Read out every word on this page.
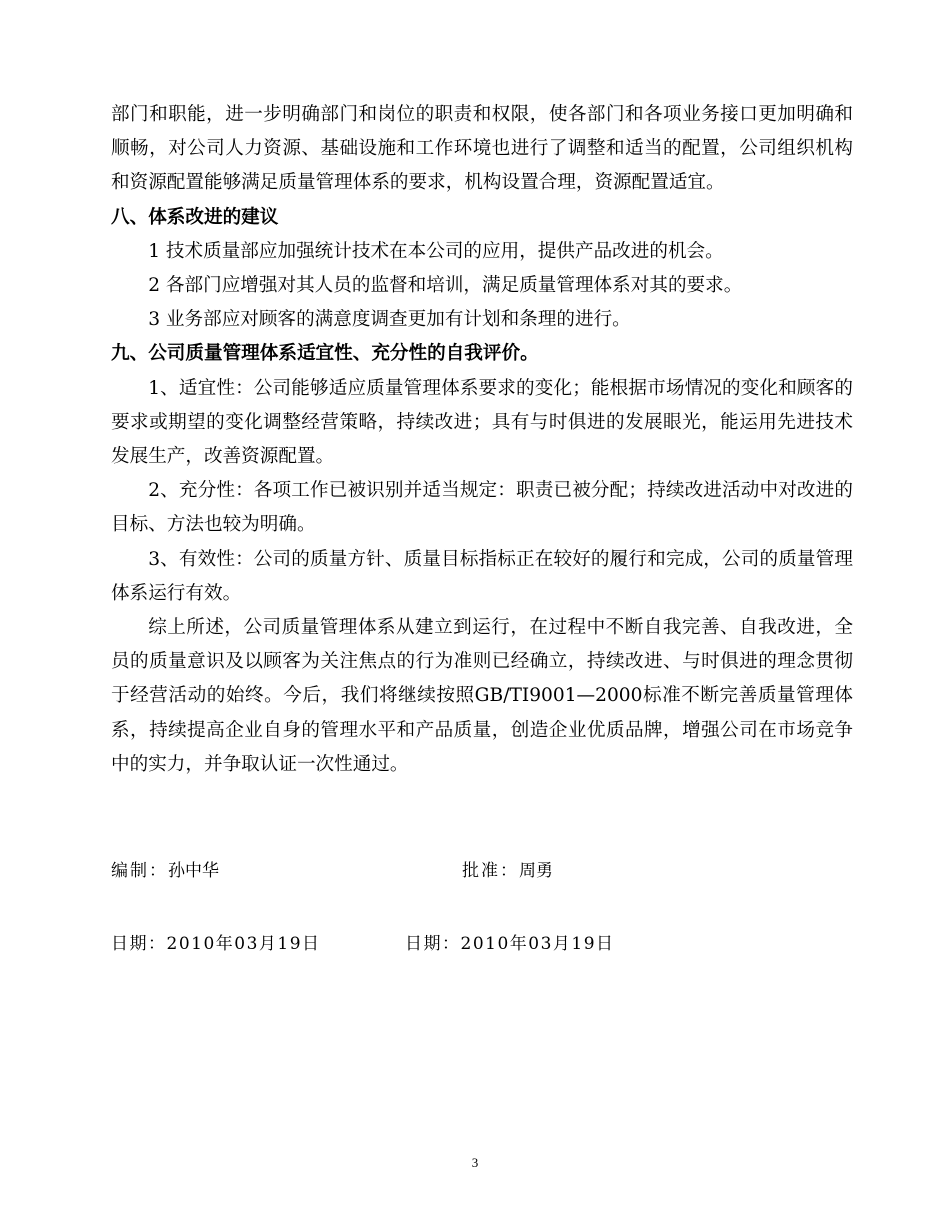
部门和职能，进一步明确部门和岗位的职责和权限，使各部门和各项业务接口更加明确和顺畅，对公司人力资源、基础设施和工作环境也进行了调整和适当的配置，公司组织机构和资源配置能够满足质量管理体系的要求，机构设置合理，资源配置适宜。

八、体系改进的建议

1 技术质量部应加强统计技术在本公司的应用，提供产品改进的机会。

2 各部门应增强对其人员的监督和培训，满足质量管理体系对其的要求。

3 业务部应对顾客的满意度调查更加有计划和条理的进行。

九、公司质量管理体系适宜性、充分性的自我评价。

1、适宜性：公司能够适应质量管理体系要求的变化；能根据市场情况的变化和顾客的要求或期望的变化调整经营策略，持续改进；具有与时俱进的发展眼光，能运用先进技术发展生产，改善资源配置。

2、充分性：各项工作已被识别并适当规定：职责已被分配；持续改进活动中对改进的目标、方法也较为明确。

3、有效性：公司的质量方针、质量目标指标正在较好的履行和完成，公司的质量管理体系运行有效。

综上所述，公司质量管理体系从建立到运行，在过程中不断自我完善、自我改进，全员的质量意识及以顾客为关注焦点的行为准则已经确立，持续改进、与时俱进的理念贯彻于经营活动的始终。今后，我们将继续按照GB/TI9001—2000标准不断完善质量管理体系，持续提高企业自身的管理水平和产品质量，创造企业优质品牌，增强公司在市场竞争中的实力，并争取认证一次性通过。

编制：孙中华	批准：周勇
日期：2010年03月19日	日期：2010年03月19日
3
